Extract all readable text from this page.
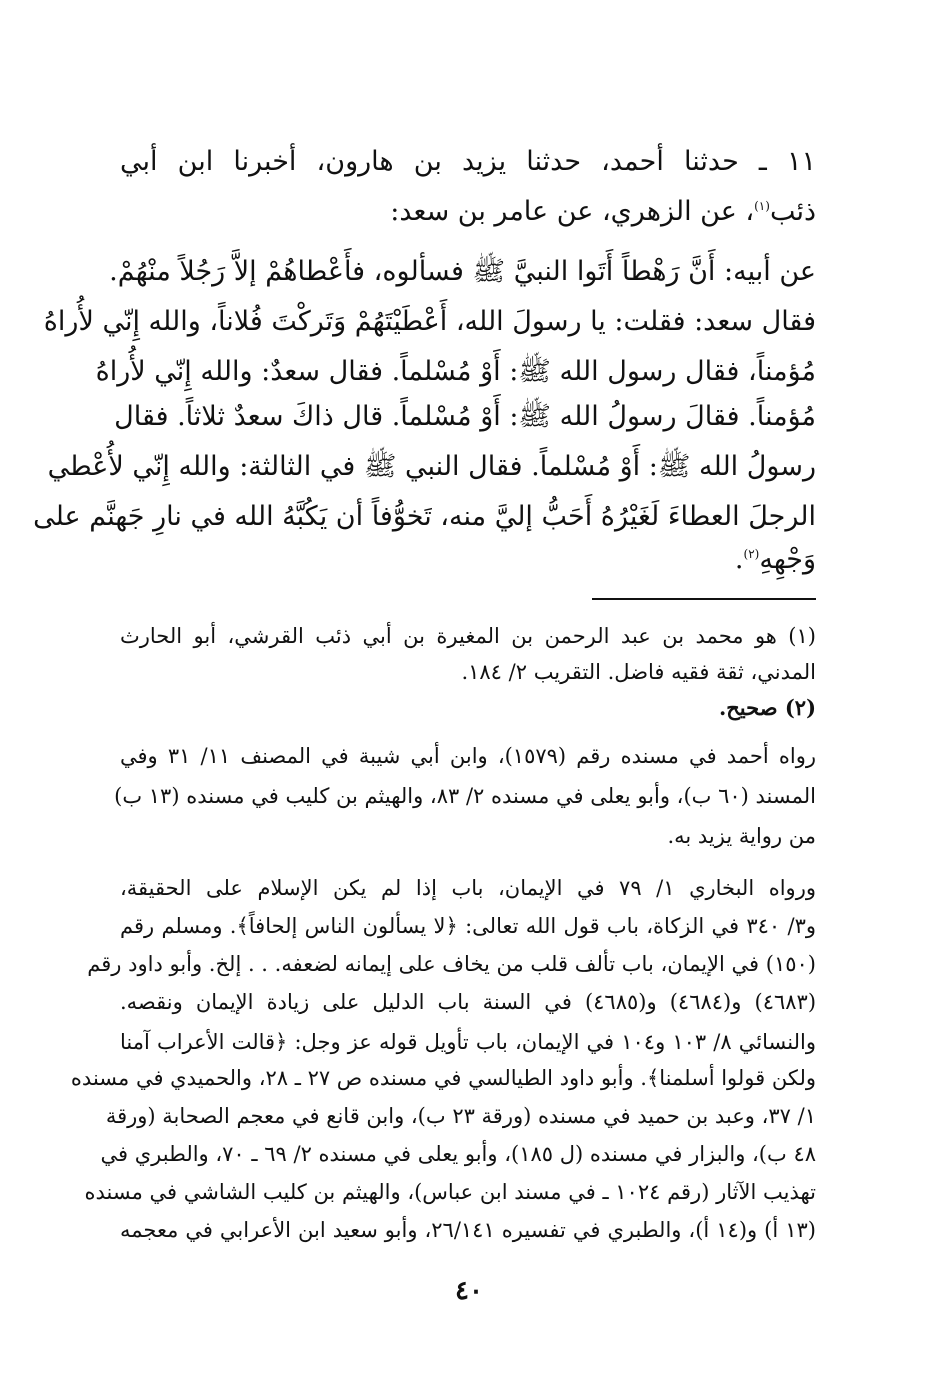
١١ ـ حدثنا أحمد، حدثنا يزيد بن هارون، أخبرنا ابن أبي
ذئب$^{(١)}$، عن الزهري، عن عامر بن سعد:
عن أبيه: أَنَّ رَهْطاً أَتَوا النبيَّ ﷺ فسألوه، فأَعْطاهُمْ إلاَّ رَجُلاً منْهُمْ.
فقال سعد: فقلت: يا رسولَ الله، أَعْطَيْتَهُمْ وَتَركْتَ فُلاناً، والله إِنّي لأُراهُ
مُؤمناً، فقال رسول الله ﷺ: أَوْ مُسْلماً. فقال سعدٌ: والله إِنّي لأُراهُ
مُؤمناً. فقالَ رسولُ الله ﷺ: أَوْ مُسْلماً. قال ذاكَ سعدٌ ثلاثاً. فقال
رسولُ الله ﷺ: أَوْ مُسْلماً. فقال النبي ﷺ في الثالثة: والله إِنّي لأُعْطي
الرجلَ العطاءَ لَغَيْرُهُ أَحَبُّ إليَّ منه، تَخوُّفاً أن يَكُبَّهُ الله في نارِ جَهنَّم على
وَجْهِهِ$^{(٢)}$.
(١) هو محمد بن عبد الرحمن بن المغيرة بن أبي ذئب القرشي، أبو الحارث
المدني، ثقة فقيه فاضل. التقريب ٢/ ١٨٤.
(٢) صحيح.
رواه أحمد في مسنده رقم (١٥٧٩)، وابن أبي شيبة في المصنف ١١/ ٣١ وفي
المسند (٦٠ ب)، وأبو يعلى في مسنده ٢/ ٨٣، والهيثم بن كليب في مسنده (١٣ ب)
من رواية يزيد به.
ورواه البخاري ١/ ٧٩ في الإيمان، باب إذا لم يكن الإسلام على الحقيقة،
و٣/ ٣٤٠ في الزكاة، باب قول الله تعالى: ﴿لا يسألون الناس إلحافاً﴾. ومسلم رقم
(١٥٠) في الإيمان، باب تألف قلب من يخاف على إيمانه لضعفه. . . إلخ. وأبو داود رقم
(٤٦٨٣) و(٤٦٨٤) و(٤٦٨٥) في السنة باب الدليل على زيادة الإيمان ونقصه.
والنسائي ٨/ ١٠٣ و١٠٤ في الإيمان، باب تأويل قوله عز وجل: ﴿قالت الأعراب آمنا
ولكن قولوا أسلمنا﴾. وأبو داود الطيالسي في مسنده ص ٢٧ ـ ٢٨، والحميدي في مسنده
١/ ٣٧، وعبد بن حميد في مسنده (ورقة ٢٣ ب)، وابن قانع في معجم الصحابة (ورقة
٤٨ ب)، والبزار في مسنده (ل ١٨٥)، وأبو يعلى في مسنده ٢/ ٦٩ ـ ٧٠، والطبري في
تهذيب الآثار (رقم ١٠٢٤ ـ في مسند ابن عباس)، والهيثم بن كليب الشاشي في مسنده
(١٣ أ) و(١٤ أ)، والطبري في تفسيره ٢٦/١٤١، وأبو سعيد ابن الأعرابي في معجمه
٤٠
